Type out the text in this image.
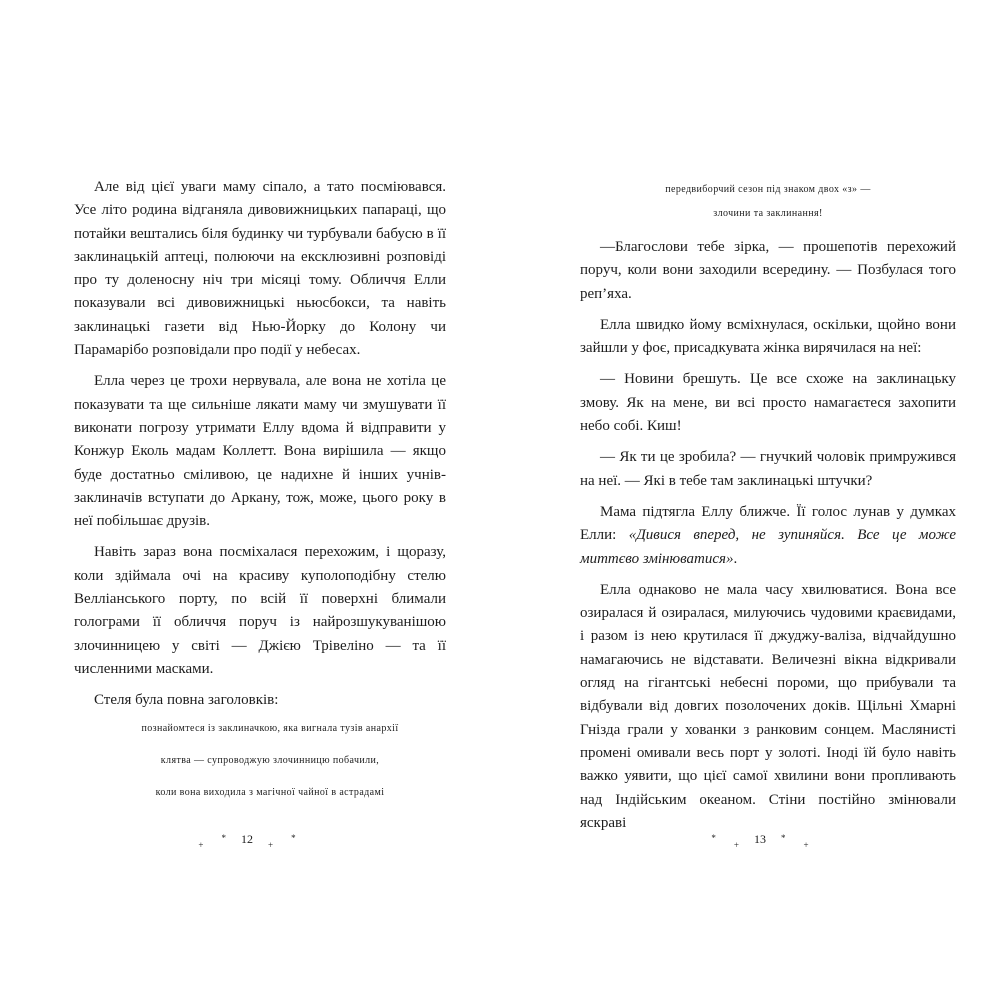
Але від цієї уваги маму сіпало, а тато посміювався. Усе літо родина відганяла дивовижницьких папараці, що потайки вештались біля будинку чи турбували бабусю в її заклинацькій аптеці, полюючи на ексклюзивні розповіді про ту доленосну ніч три місяці тому. Обличчя Елли показували всі дивовижницькі ньюсбокси, та навіть заклинацькі газети від Нью-Йорку до Колону чи Парамарібо розповідали про події у небесах.

Елла через це трохи нервувала, але вона не хотіла це показувати та ще сильніше лякати маму чи змушувати її виконати погрозу утримати Еллу вдома й відправити у Конжур Еколь мадам Коллетт. Вона вирішила — якщо буде достатньо сміливою, це надихне й інших учнів-заклиначів вступати до Аркану, тож, може, цього року в неї побільшає друзів.

Навіть зараз вона посміхалася перехожим, і щоразу, коли здіймала очі на красиву куполоподібну стелю Велліанського порту, по всій її поверхні блимали голограми її обличчя поруч із найрозшукуванішою злочинницею у світі — Джією Трівеліно — та її численними масками.

Стеля була повна заголовків:

познайомтеся із заклиначкою, яка вигнала тузів анархії

клятва — супроводжую злочинницю побачили,

коли вона виходила з магічної чайної в астрадамі

+
* 12 +
*
передвиборчий сезон під знаком двох «з» —
злочини та заклинання!

—Благослови тебе зірка, — прошепотів перехожий поруч, коли вони заходили всередину. — Позбулася того реп’яха.

Елла швидко йому всміхнулася, оскільки, щойно вони зайшли у фоє, присадкувата жінка вирячилася на неї:

— Новини брешуть. Це все схоже на заклинацьку змову. Як на мене, ви всі просто намагаєтеся захопити небо собі. Киш!

— Як ти це зробила? — гнучкий чоловік примружився на неї. — Які в тебе там заклинацькі штучки?

Мама підтягла Еллу ближче. Її голос лунав у думках Елли: «Дивися вперед, не зупиняйся. Все це може миттєво змінюватися».

Елла однаково не мала часу хвилюватися. Вона все озиралася й озиралася, милуючись чудовими краєвидами, і разом із нею крутилася її джуджу-валіза, відчайдушно намагаючись не відставати. Величезні вікна відкривали огляд на гігантські небесні пороми, що прибували та відбували від довгих позолочених доків. Щільні Хмарні Гнізда грали у хованки з ранковим сонцем. Маслянисті промені омивали весь порт у золоті. Іноді їй було навіть важко уявити, що цієї самої хвилини вони пропливають над Індійським океаном. Стіни постійно змінювали яскраві

*
+ 13 *
+
